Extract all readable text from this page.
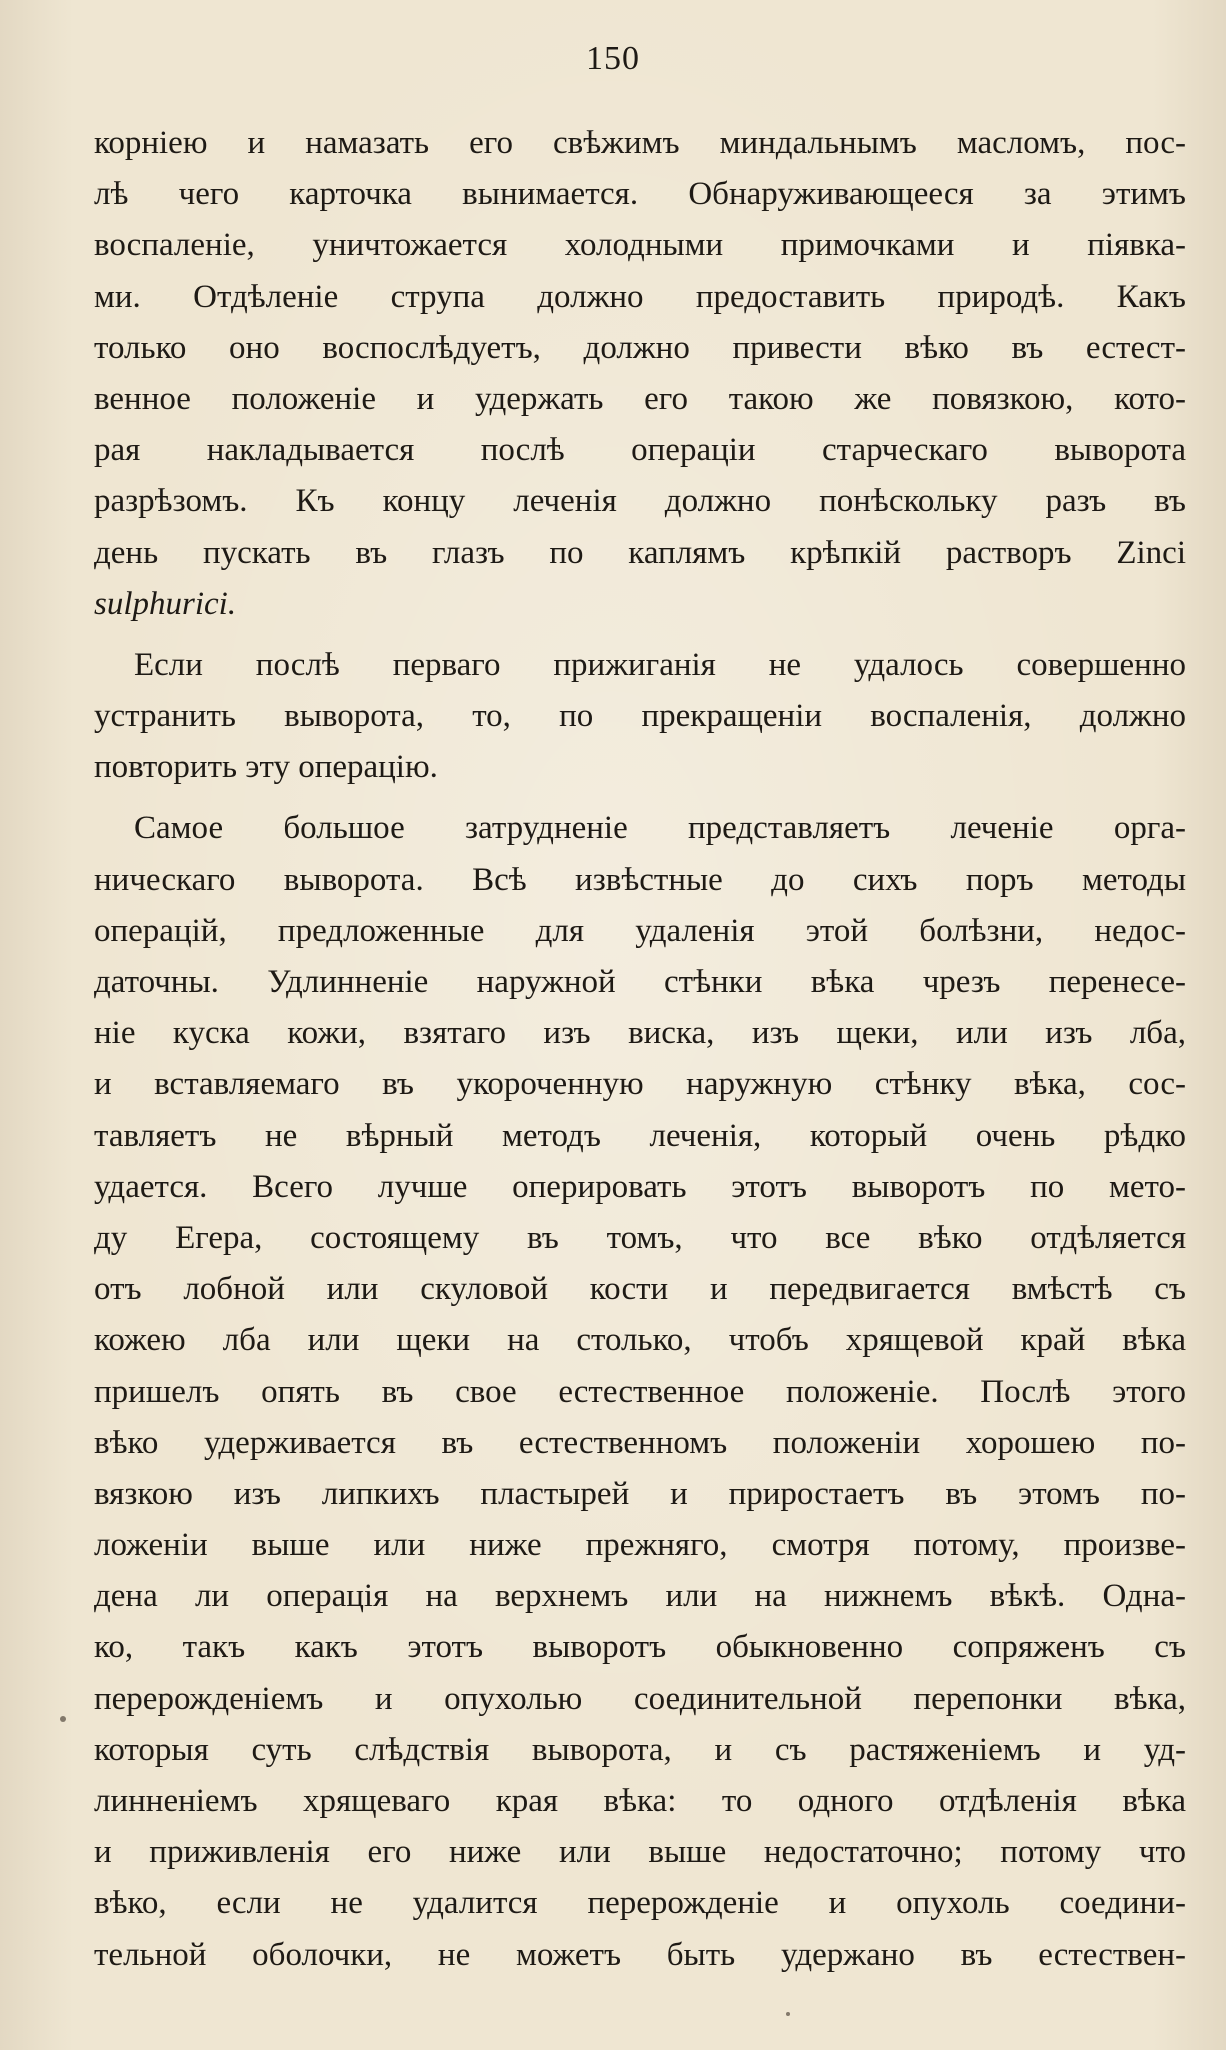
150
корніею и намазать его свѣжимъ миндальнымъ масломъ, пос-
лѣ чего карточка вынимается. Обнаруживающееся за этимъ
воспаленіе, уничтожается холодными примочками и піявка-
ми. Отдѣленіе струпа должно предоставить природѣ. Какъ
только оно воспослѣдуетъ, должно привести вѣко въ естест-
венное положеніе и удержать его такою же повязкою, кото-
рая накладывается послѣ операціи старческаго выворота
разрѣзомъ. Къ концу леченія должно понѣскольку разъ въ
день пускать въ глазъ по каплямъ крѣпкій растворъ Zinci
sulphurici.
Если послѣ перваго прижиганія не удалось совершенно
устранить выворота, то, по прекращеніи воспаленія, должно
повторить эту операцію.
Самое большое затрудненіе представляетъ леченіе орга-
ническаго выворота. Всѣ извѣстные до сихъ поръ методы
операцій, предложенные для удаленія этой болѣзни, недос-
даточны. Удлинненіе наружной стѣнки вѣка чрезъ перенесе-
ніе куска кожи, взятаго изъ виска, изъ щеки, или изъ лба,
и вставляемаго въ укороченную наружную стѣнку вѣка, сос-
тавляетъ не вѣрный методъ леченія, который очень рѣдко
удается. Всего лучше оперировать этотъ выворотъ по мето-
ду Егера, состоящему въ томъ, что все вѣко отдѣляется
отъ лобной или скуловой кости и передвигается вмѣстѣ съ
кожею лба или щеки на столько, чтобъ хрящевой край вѣка
пришелъ опять въ свое естественное положеніе. Послѣ этого
вѣко удерживается въ естественномъ положеніи хорошею по-
вязкою изъ липкихъ пластырей и приростаетъ въ этомъ по-
ложеніи выше или ниже прежняго, смотря потому, произве-
дена ли операція на верхнемъ или на нижнемъ вѣкѣ. Одна-
ко, такъ какъ этотъ выворотъ обыкновенно сопряженъ съ
перерожденіемъ и опухолью соединительной перепонки вѣка,
которыя суть слѣдствія выворота, и съ растяженіемъ и уд-
линненіемъ хрящеваго края вѣка: то одного отдѣленія вѣка
и приживленія его ниже или выше недостаточно; потому что
вѣко, если не удалится перерожденіе и опухоль соедини-
тельной оболочки, не можетъ быть удержано въ естествен-
